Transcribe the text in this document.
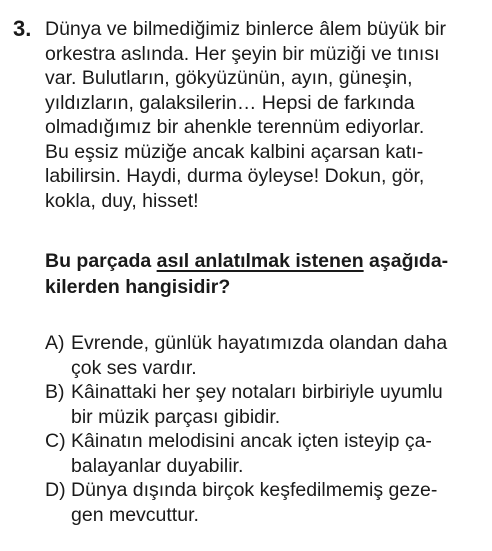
3. Dünya ve bilmediğimiz binlerce âlem büyük bir
orkestra aslında. Her şeyin bir müziği ve tınısı
var. Bulutların, gökyüzünün, ayın, güneşin,
yıldızların, galaksilerin… Hepsi de farkında
olmadığımız bir ahenkle terennüm ediyorlar.
Bu eşsiz müziğe ancak kalbini açarsan katı-
labilirsin. Haydi, durma öyleyse! Dokun, gör,
kokla, duy, hisset!
Bu parçada asıl anlatılmak istenen aşağıda-
kilerden hangisidir?
A) Evrende, günlük hayatımızda olandan daha
çok ses vardır.
B) Kâinattaki her şey notaları birbiriyle uyumlu
bir müzik parçası gibidir.
C) Kâinatın melodisini ancak içten isteyip ça-
balayanlar duyabilir.
D) Dünya dışında birçok keşfedilmemiş geze-
gen mevcuttur.
